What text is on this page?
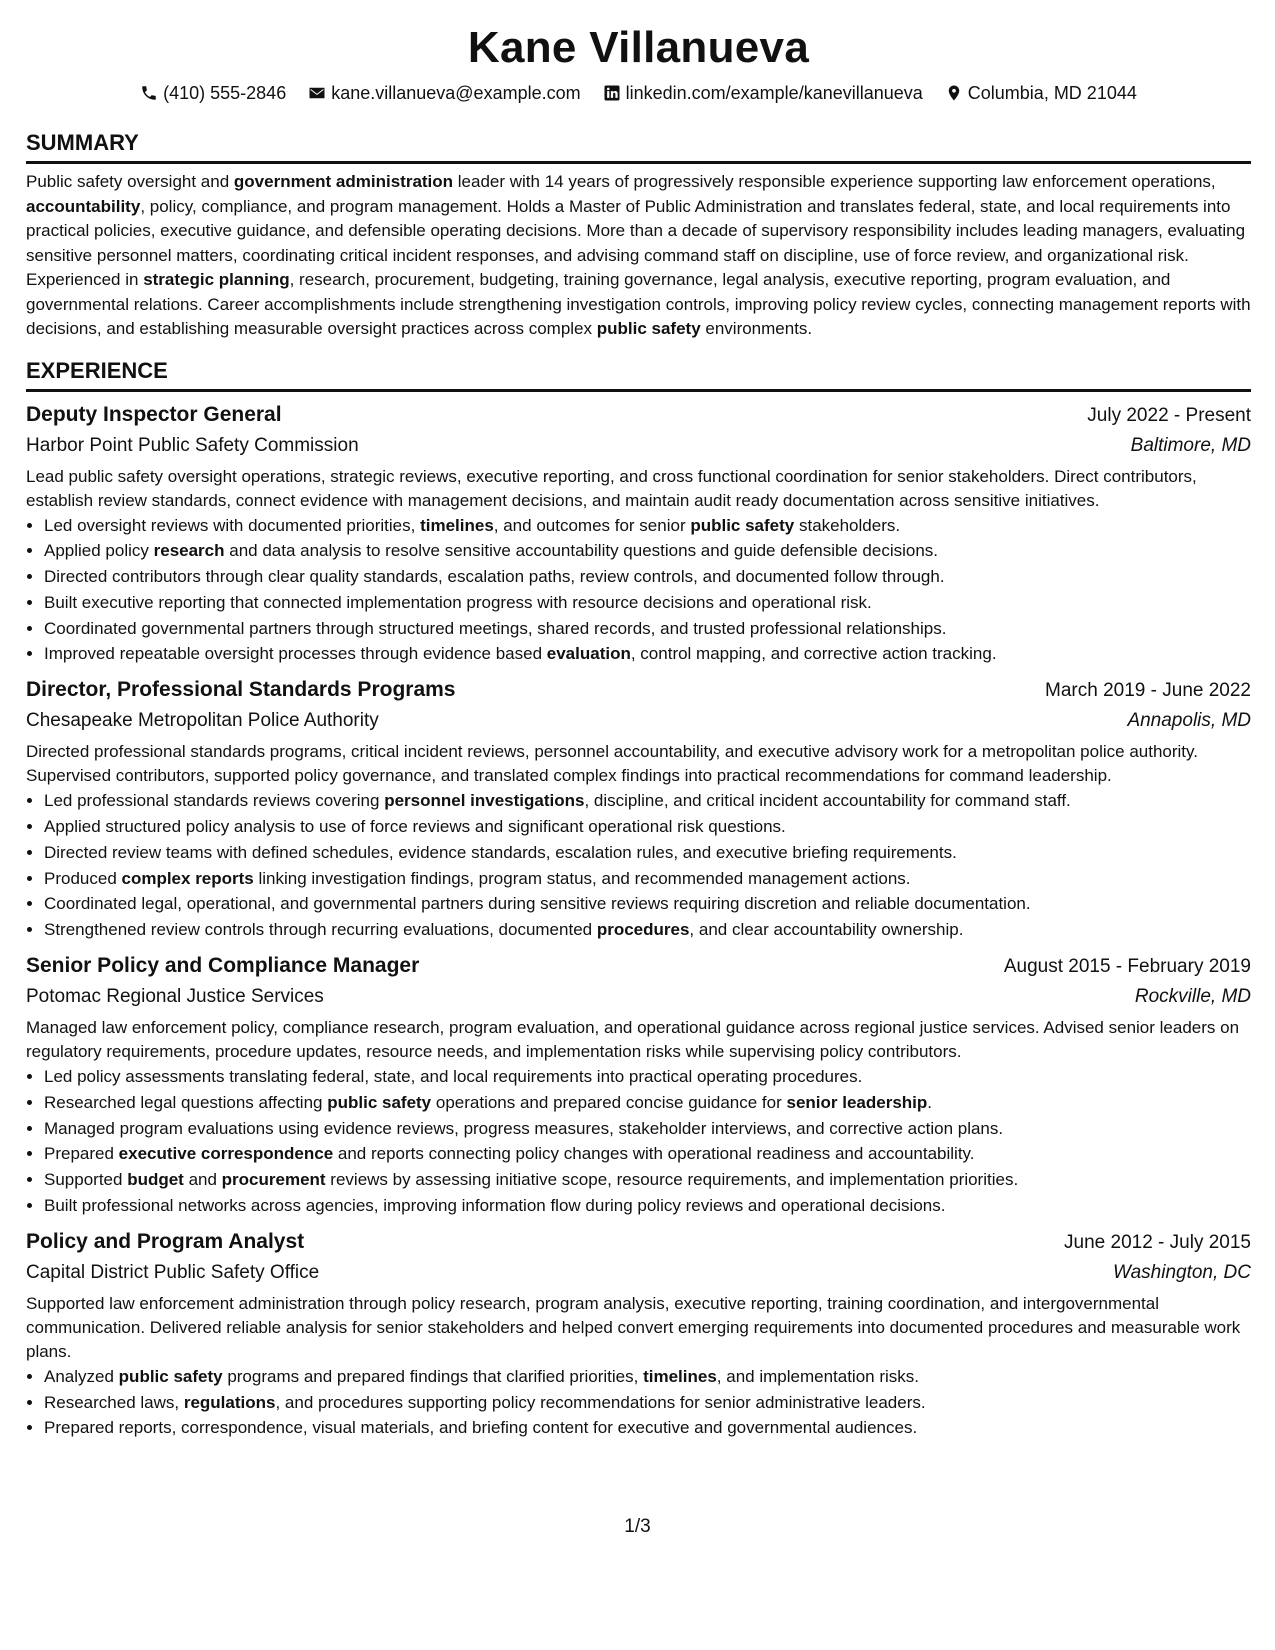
Kane Villanueva
(410) 555-2846	kane.villanueva@example.com	linkedin.com/example/kanevillanueva	Columbia, MD 21044
SUMMARY
Public safety oversight and government administration leader with 14 years of progressively responsible experience supporting law enforcement operations, accountability, policy, compliance, and program management. Holds a Master of Public Administration and translates federal, state, and local requirements into practical policies, executive guidance, and defensible operating decisions. More than a decade of supervisory responsibility includes leading managers, evaluating sensitive personnel matters, coordinating critical incident responses, and advising command staff on discipline, use of force review, and organizational risk. Experienced in strategic planning, research, procurement, budgeting, training governance, legal analysis, executive reporting, program evaluation, and governmental relations. Career accomplishments include strengthening investigation controls, improving policy review cycles, connecting management reports with decisions, and establishing measurable oversight practices across complex public safety environments.
EXPERIENCE
Deputy Inspector General	July 2022 - Present
Harbor Point Public Safety Commission	Baltimore, MD
Lead public safety oversight operations, strategic reviews, executive reporting, and cross functional coordination for senior stakeholders. Direct contributors, establish review standards, connect evidence with management decisions, and maintain audit ready documentation across sensitive initiatives.
• Led oversight reviews with documented priorities, timelines, and outcomes for senior public safety stakeholders.
• Applied policy research and data analysis to resolve sensitive accountability questions and guide defensible decisions.
• Directed contributors through clear quality standards, escalation paths, review controls, and documented follow through.
• Built executive reporting that connected implementation progress with resource decisions and operational risk.
• Coordinated governmental partners through structured meetings, shared records, and trusted professional relationships.
• Improved repeatable oversight processes through evidence based evaluation, control mapping, and corrective action tracking.
Director, Professional Standards Programs	March 2019 - June 2022
Chesapeake Metropolitan Police Authority	Annapolis, MD
Directed professional standards programs, critical incident reviews, personnel accountability, and executive advisory work for a metropolitan police authority. Supervised contributors, supported policy governance, and translated complex findings into practical recommendations for command leadership.
• Led professional standards reviews covering personnel investigations, discipline, and critical incident accountability for command staff.
• Applied structured policy analysis to use of force reviews and significant operational risk questions.
• Directed review teams with defined schedules, evidence standards, escalation rules, and executive briefing requirements.
• Produced complex reports linking investigation findings, program status, and recommended management actions.
• Coordinated legal, operational, and governmental partners during sensitive reviews requiring discretion and reliable documentation.
• Strengthened review controls through recurring evaluations, documented procedures, and clear accountability ownership.
Senior Policy and Compliance Manager	August 2015 - February 2019
Potomac Regional Justice Services	Rockville, MD
Managed law enforcement policy, compliance research, program evaluation, and operational guidance across regional justice services. Advised senior leaders on regulatory requirements, procedure updates, resource needs, and implementation risks while supervising policy contributors.
• Led policy assessments translating federal, state, and local requirements into practical operating procedures.
• Researched legal questions affecting public safety operations and prepared concise guidance for senior leadership.
• Managed program evaluations using evidence reviews, progress measures, stakeholder interviews, and corrective action plans.
• Prepared executive correspondence and reports connecting policy changes with operational readiness and accountability.
• Supported budget and procurement reviews by assessing initiative scope, resource requirements, and implementation priorities.
• Built professional networks across agencies, improving information flow during policy reviews and operational decisions.
Policy and Program Analyst	June 2012 - July 2015
Capital District Public Safety Office	Washington, DC
Supported law enforcement administration through policy research, program analysis, executive reporting, training coordination, and intergovernmental communication. Delivered reliable analysis for senior stakeholders and helped convert emerging requirements into documented procedures and measurable work plans.
• Analyzed public safety programs and prepared findings that clarified priorities, timelines, and implementation risks.
• Researched laws, regulations, and procedures supporting policy recommendations for senior administrative leaders.
• Prepared reports, correspondence, visual materials, and briefing content for executive and governmental audiences.
1/3
